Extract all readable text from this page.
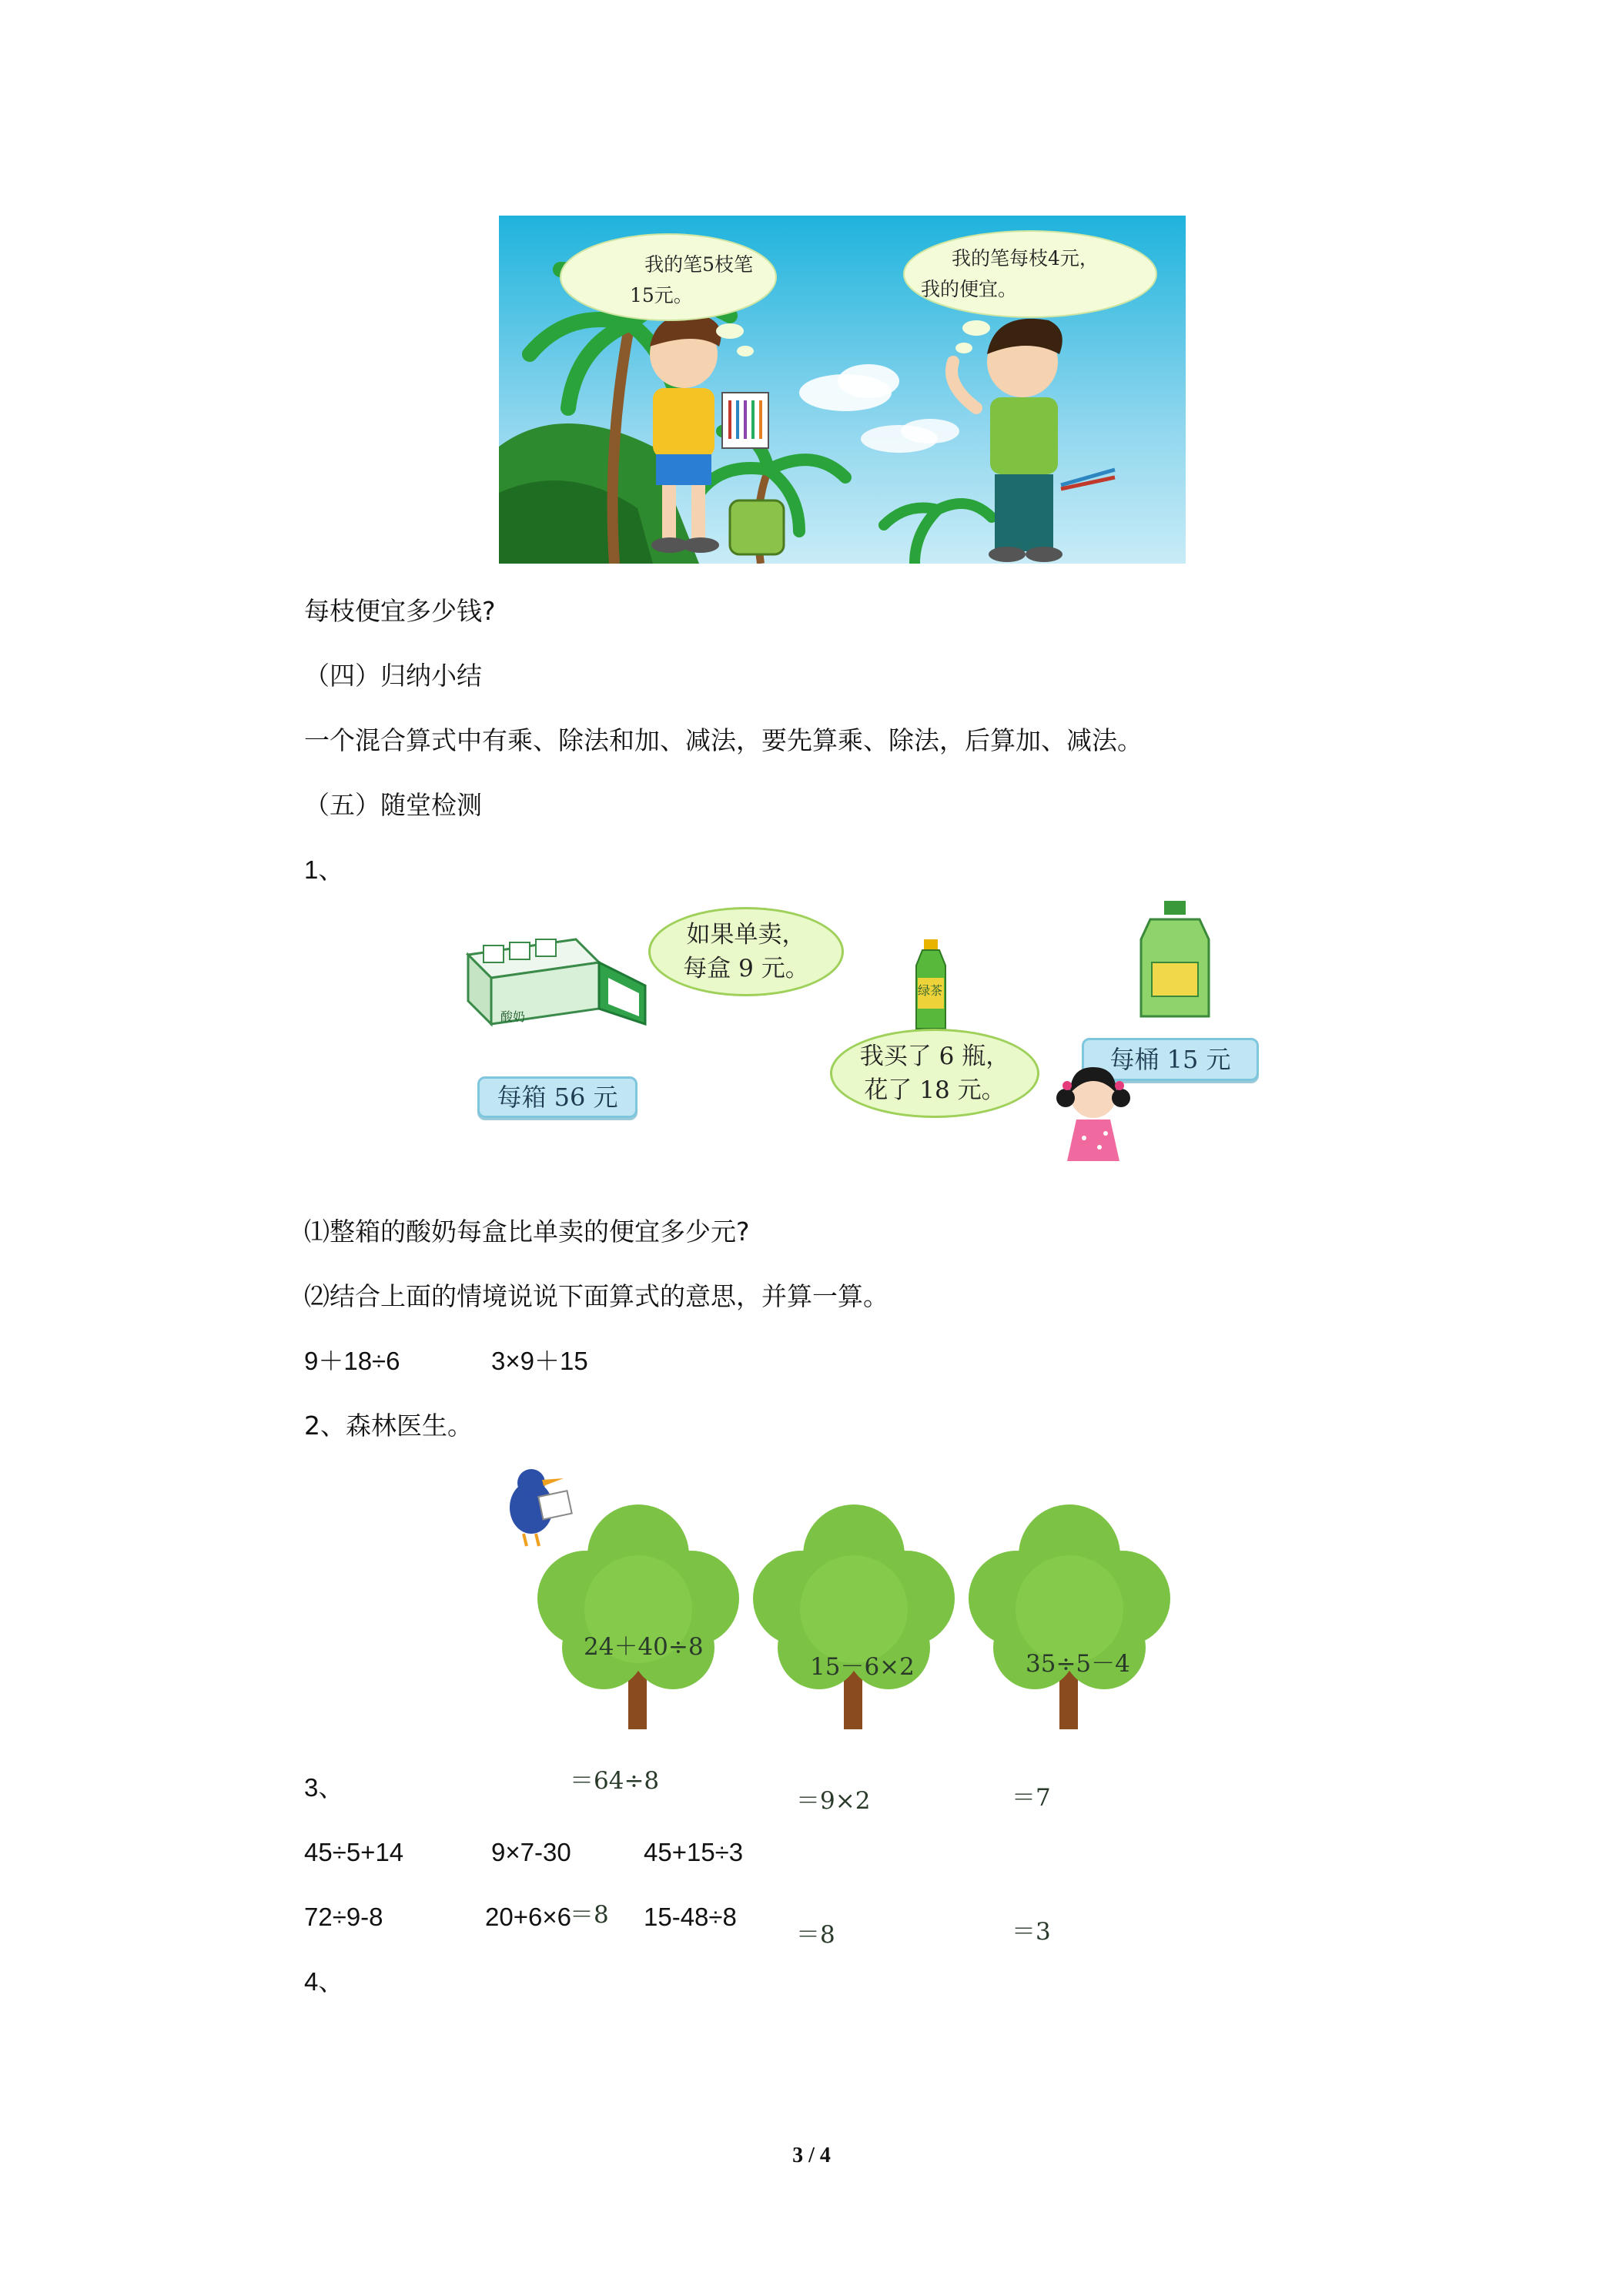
我的笔5枝笔
15元。
我的笔每枝4元，
我的便宜。
每枝便宜多少钱?
（四）归纳小结
一个混合算式中有乘、除法和加、减法，要先算乘、除法，后算加、减法。
（五）随堂检测
1、
酸奶
每箱 56 元
如果单卖，
每盒 9 元。
绿茶
每桶 15 元
我买了 6 瓶，
花了 18 元。
⑴整箱的酸奶每盒比单卖的便宜多少元?
⑵结合上面的情境说说下面算式的意思，并算一算。
9＋18÷6	3×9＋15
2、森林医生。

24＋40÷8

＝64÷8

＝8

15－6×2

＝9×2

＝8

35÷5－4

＝7

＝3

3、
45÷5+14	9×7-30	45+15÷3
72÷9-8	20+6×6	15-48÷8
4、
3 / 4
